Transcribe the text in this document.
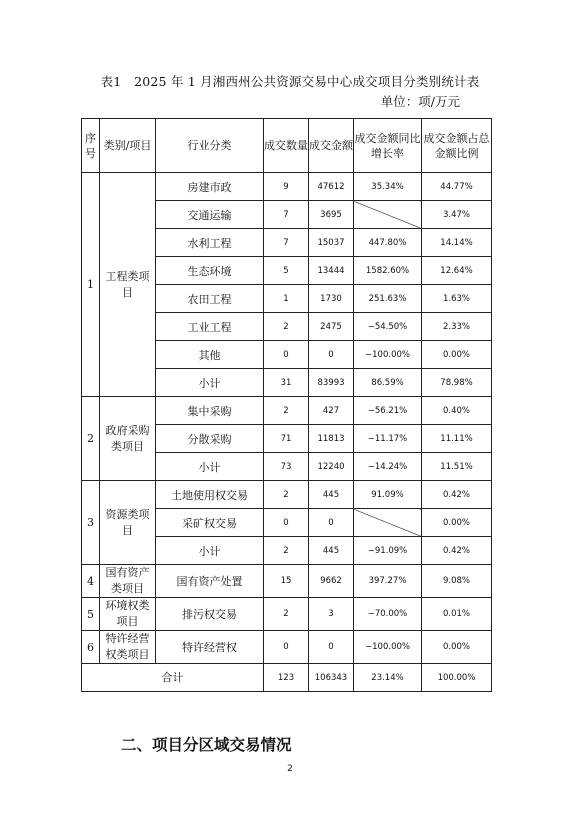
表1　2025 年 1 月湘西州公共资源交易中心成交项目分类别统计表
单位：项/万元
序号	类别/项目	行业分类	成交数量	成交金额	成交金额同比增长率	成交金额占总金额比例
1	工程类项目	房建市政	9	47612	35.34%	44.77%
		交通运输	7	3695		3.47%
		水利工程	7	15037	447.80%	14.14%
		生态环境	5	13444	1582.60%	12.64%
		农田工程	1	1730	251.63%	1.63%
		工业工程	2	2475	−54.50%	2.33%
		其他	0	0	−100.00%	0.00%
		小计	31	83993	86.59%	78.98%
2	政府采购类项目	集中采购	2	427	−56.21%	0.40%
		分散采购	71	11813	−11.17%	11.11%
		小计	73	12240	−14.24%	11.51%
3	资源类项目	土地使用权交易	2	445	91.09%	0.42%
		采矿权交易	0	0		0.00%
		小计	2	445	−91.09%	0.42%
4	国有资产类项目	国有资产处置	15	9662	397.27%	9.08%
5	环境权类项目	排污权交易	2	3	−70.00%	0.01%
6	特许经营权类项目	特许经营权	0	0	−100.00%	0.00%
合计			123	106343	23.14%	100.00%
二、项目分区域交易情况
2
